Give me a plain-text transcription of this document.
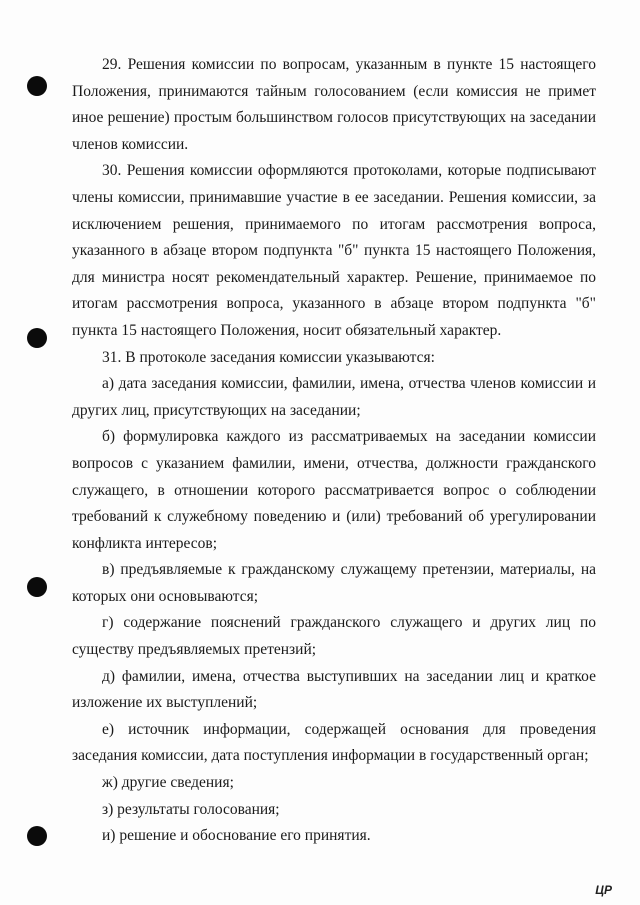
29. Решения комиссии по вопросам, указанным в пункте 15 настоящего Положения, принимаются тайным голосованием (если комиссия не примет иное решение) простым большинством голосов присутствующих на заседании членов комиссии.

30. Решения комиссии оформляются протоколами, которые подписывают члены комиссии, принимавшие участие в ее заседании. Решения комиссии, за исключением решения, принимаемого по итогам рассмотрения вопроса, указанного в абзаце втором подпункта "б" пункта 15 настоящего Положения, для министра носят рекомендательный характер. Решение, принимаемое по итогам рассмотрения вопроса, указанного в абзаце втором подпункта "б" пункта 15 настоящего Положения, носит обязательный характер.

31. В протоколе заседания комиссии указываются:

а) дата заседания комиссии, фамилии, имена, отчества членов комиссии и других лиц, присутствующих на заседании;

б) формулировка каждого из рассматриваемых на заседании комиссии вопросов с указанием фамилии, имени, отчества, должности гражданского служащего, в отношении которого рассматривается вопрос о соблюдении требований к служебному поведению и (или) требований об урегулировании конфликта интересов;

в) предъявляемые к гражданскому служащему претензии, материалы, на которых они основываются;

г) содержание пояснений гражданского служащего и других лиц по существу предъявляемых претензий;

д) фамилии, имена, отчества выступивших на заседании лиц и краткое изложение их выступлений;

е) источник информации, содержащей основания для проведения заседания комиссии, дата поступления информации в государственный орган;

ж) другие сведения;

з) результаты голосования;

и) решение и обоснование его принятия.

ЦР
